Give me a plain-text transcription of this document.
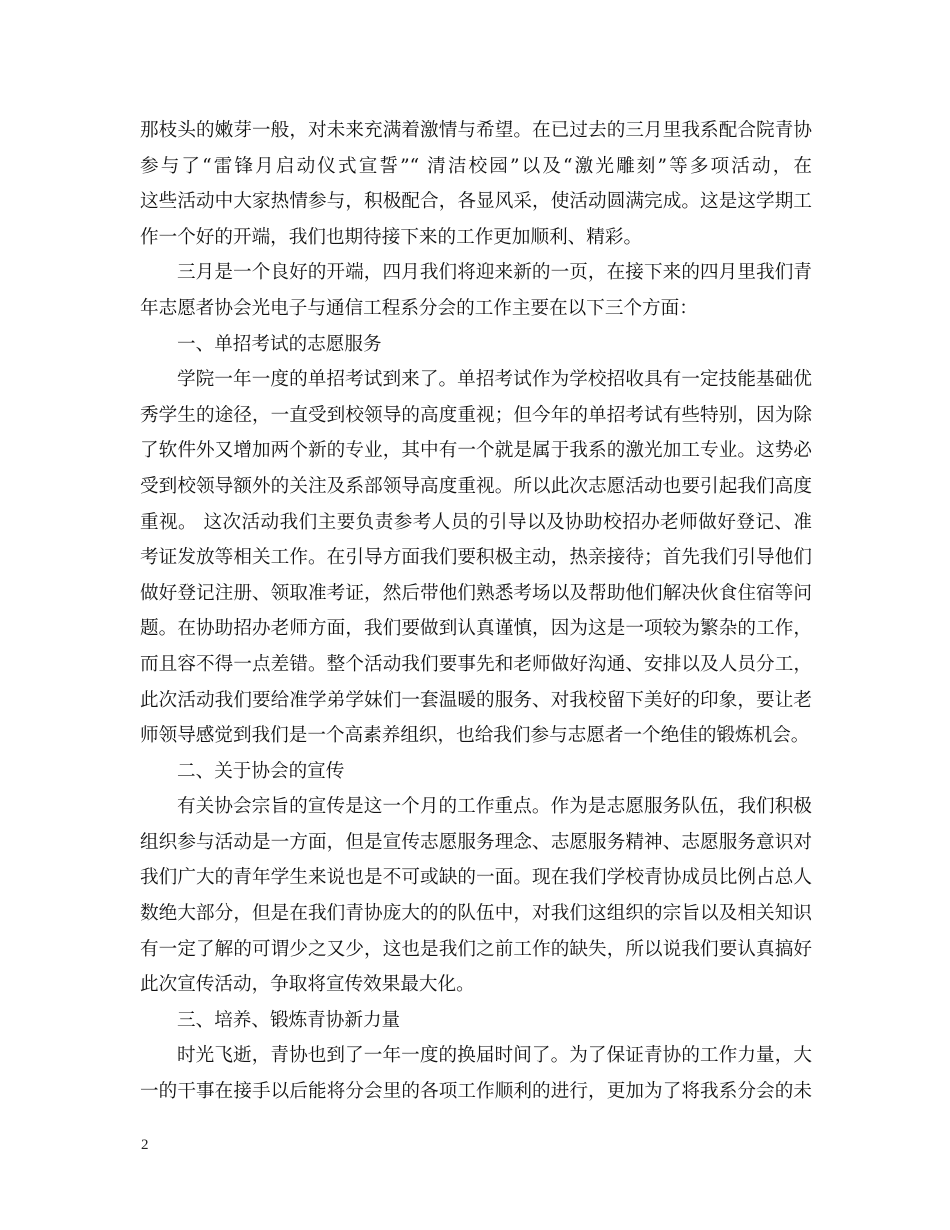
那枝头的嫩芽一般，对未来充满着激情与希望。在已过去的三月里我系配合院青协
参与了“雷锋月启动仪式宣誓”“ 清洁校园”以及“激光雕刻”等多项活动，在
这些活动中大家热情参与，积极配合，各显风采，使活动圆满完成。这是这学期工
作一个好的开端，我们也期待接下来的工作更加顺利、精彩。
三月是一个良好的开端，四月我们将迎来新的一页，在接下来的四月里我们青
年志愿者协会光电子与通信工程系分会的工作主要在以下三个方面：
一、单招考试的志愿服务
学院一年一度的单招考试到来了。单招考试作为学校招收具有一定技能基础优
秀学生的途径，一直受到校领导的高度重视；但今年的单招考试有些特别，因为除
了软件外又增加两个新的专业，其中有一个就是属于我系的激光加工专业。这势必
受到校领导额外的关注及系部领导高度重视。所以此次志愿活动也要引起我们高度
重视。 这次活动我们主要负责参考人员的引导以及协助校招办老师做好登记、准
考证发放等相关工作。在引导方面我们要积极主动，热亲接待；首先我们引导他们
做好登记注册、领取准考证，然后带他们熟悉考场以及帮助他们解决伙食住宿等问
题。在协助招办老师方面，我们要做到认真谨慎，因为这是一项较为繁杂的工作，
而且容不得一点差错。整个活动我们要事先和老师做好沟通、安排以及人员分工，
此次活动我们要给准学弟学妹们一套温暖的服务、对我校留下美好的印象，要让老
师领导感觉到我们是一个高素养组织，也给我们参与志愿者一个绝佳的锻炼机会。
二、关于协会的宣传
有关协会宗旨的宣传是这一个月的工作重点。作为是志愿服务队伍，我们积极
组织参与活动是一方面，但是宣传志愿服务理念、志愿服务精神、志愿服务意识对
我们广大的青年学生来说也是不可或缺的一面。现在我们学校青协成员比例占总人
数绝大部分，但是在我们青协庞大的的队伍中，对我们这组织的宗旨以及相关知识
有一定了解的可谓少之又少，这也是我们之前工作的缺失，所以说我们要认真搞好
此次宣传活动，争取将宣传效果最大化。
三、培养、锻炼青协新力量
时光飞逝，青协也到了一年一度的换届时间了。为了保证青协的工作力量，大
一的干事在接手以后能将分会里的各项工作顺利的进行，更加为了将我系分会的未
2
